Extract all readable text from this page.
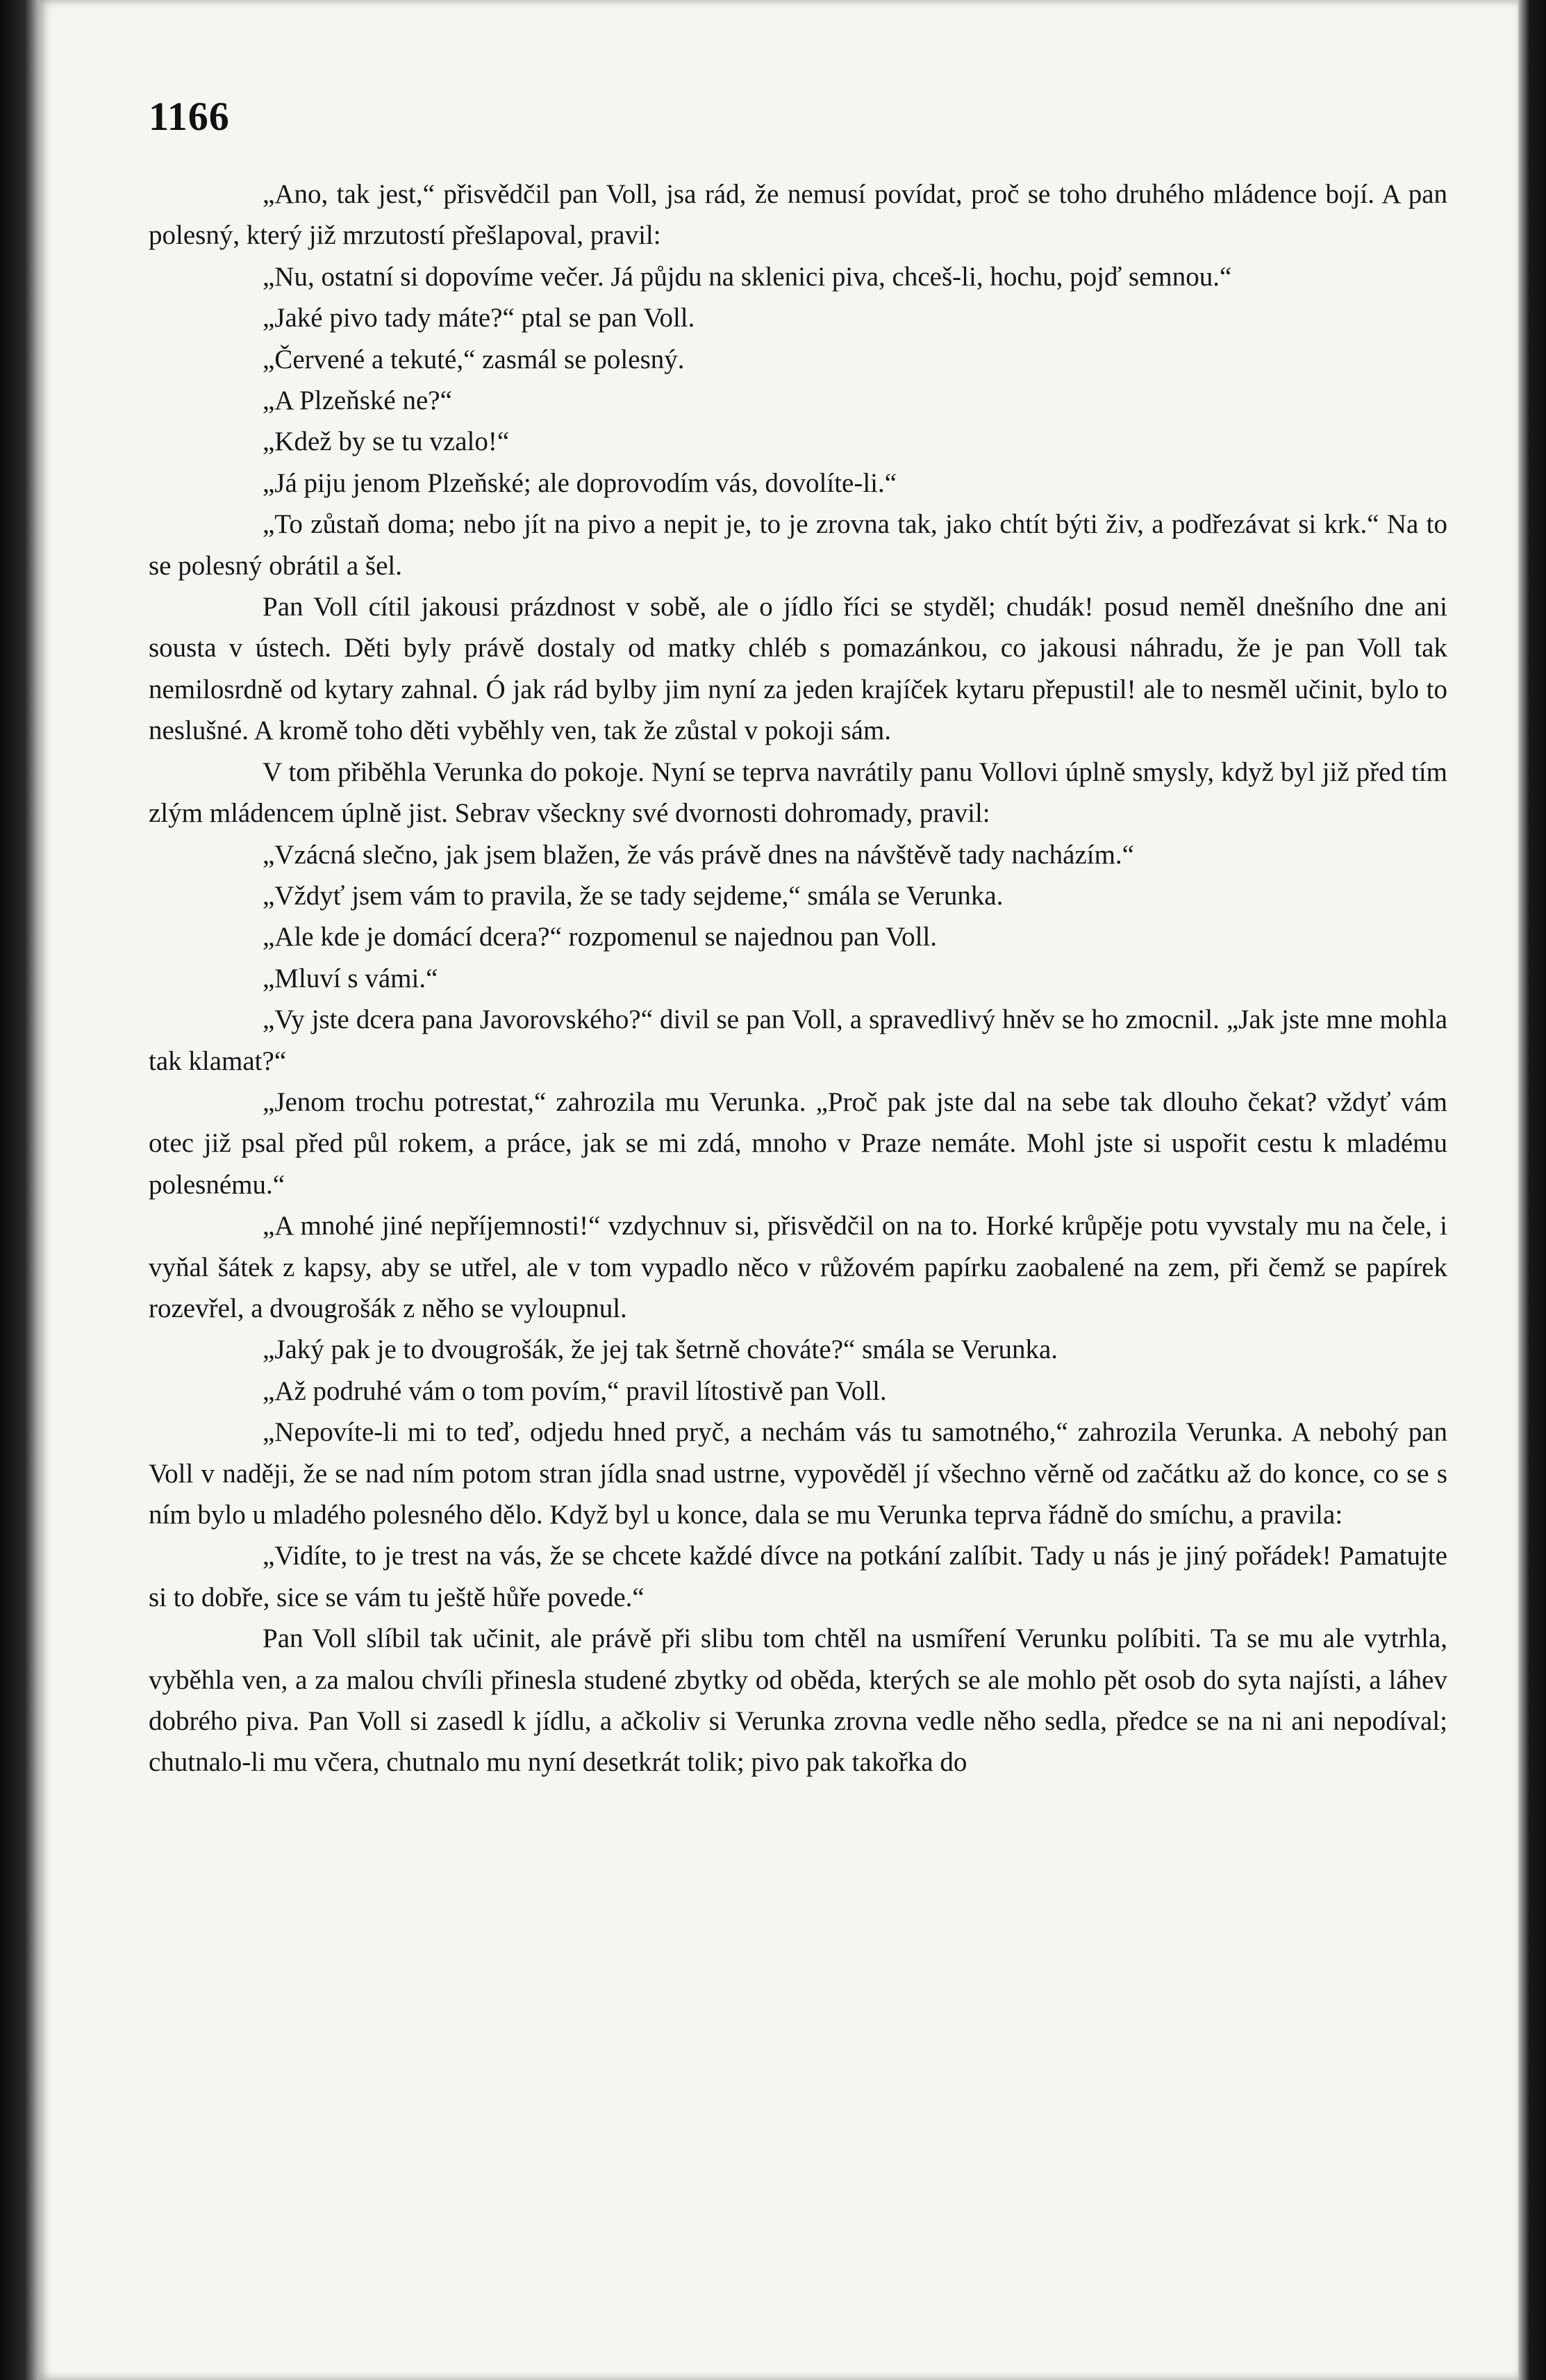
1166

„Ano, tak jest,“ přisvědčil pan Voll, jsa rád, že nemusí povídat, proč se toho druhého mládence bojí. A pan polesný, který již mrzutostí přešlapoval, pravil:

„Nu, ostatní si dopovíme večer. Já půjdu na sklenici piva, chceš-li, hochu, pojď semnou.“

„Jaké pivo tady máte?“ ptal se pan Voll.

„Červené a tekuté,“ zasmál se polesný.

„A Plzeňské ne?“

„Kdež by se tu vzalo!“

„Já piju jenom Plzeňské; ale doprovodím vás, dovolíte-li.“

„To zůstaň doma; nebo jít na pivo a nepit je, to je zrovna tak, jako chtít býti živ, a podřezávat si krk.“ Na to se polesný obrátil a šel.

Pan Voll cítil jakousi prázdnost v sobě, ale o jídlo říci se styděl; chudák! posud neměl dnešního dne ani sousta v ústech. Děti byly právě dostaly od matky chléb s pomazánkou, co jakousi náhradu, že je pan Voll tak nemilosrdně od kytary zahnal. Ó jak rád bylby jim nyní za jeden krajíček kytaru přepustil! ale to nesměl učinit, bylo to neslušné. A kromě toho děti vyběhly ven, tak že zůstal v pokoji sám.

V tom přiběhla Verunka do pokoje. Nyní se teprva navrátily panu Vollovi úplně smysly, když byl již před tím zlým mládencem úplně jist. Sebrav všeckny své dvornosti dohromady, pravil:

„Vzácná slečno, jak jsem blažen, že vás právě dnes na návštěvě tady nacházím.“

„Vždyť jsem vám to pravila, že se tady sejdeme,“ smála se Verunka.

„Ale kde je domácí dcera?“ rozpomenul se najednou pan Voll.

„Mluví s vámi.“

„Vy jste dcera pana Javorovského?“ divil se pan Voll, a spravedlivý hněv se ho zmocnil. „Jak jste mne mohla tak klamat?“

„Jenom trochu potrestat,“ zahrozila mu Verunka. „Proč pak jste dal na sebe tak dlouho čekat? vždyť vám otec již psal před půl rokem, a práce, jak se mi zdá, mnoho v Praze nemáte. Mohl jste si uspořit cestu k mladému polesnému.“

„A mnohé jiné nepříjemnosti!“ vzdychnuv si, přisvědčil on na to. Horké krůpěje potu vyvstaly mu na čele, i vyňal šátek z kapsy, aby se utřel, ale v tom vypadlo něco v růžovém papírku zaobalené na zem, při čemž se papírek rozevřel, a dvougrošák z něho se vyloupnul.

„Jaký pak je to dvougrošák, že jej tak šetrně chováte?“ smála se Verunka.

„Až podruhé vám o tom povím,“ pravil lítostivě pan Voll.

„Nepovíte-li mi to teď, odjedu hned pryč, a nechám vás tu samotného,“ zahrozila Verunka. A nebohý pan Voll v naději, že se nad ním potom stran jídla snad ustrne, vypověděl jí všechno věrně od začátku až do konce, co se s ním bylo u mladého polesného dělo. Když byl u konce, dala se mu Verunka teprva řádně do smíchu, a pravila:

„Vidíte, to je trest na vás, že se chcete každé dívce na potkání zalíbit. Tady u nás je jiný pořádek! Pamatujte si to dobře, sice se vám tu ještě hůře povede.“

Pan Voll slíbil tak učinit, ale právě při slibu tom chtěl na usmíření Verunku políbiti. Ta se mu ale vytrhla, vyběhla ven, a za malou chvíli přinesla studené zbytky od oběda, kterých se ale mohlo pět osob do syta najísti, a láhev dobrého piva. Pan Voll si zasedl k jídlu, a ačkoliv si Verunka zrovna vedle něho sedla, předce se na ni ani nepodíval; chutnalo-li mu včera, chutnalo mu nyní desetkrát tolik; pivo pak takořka do
